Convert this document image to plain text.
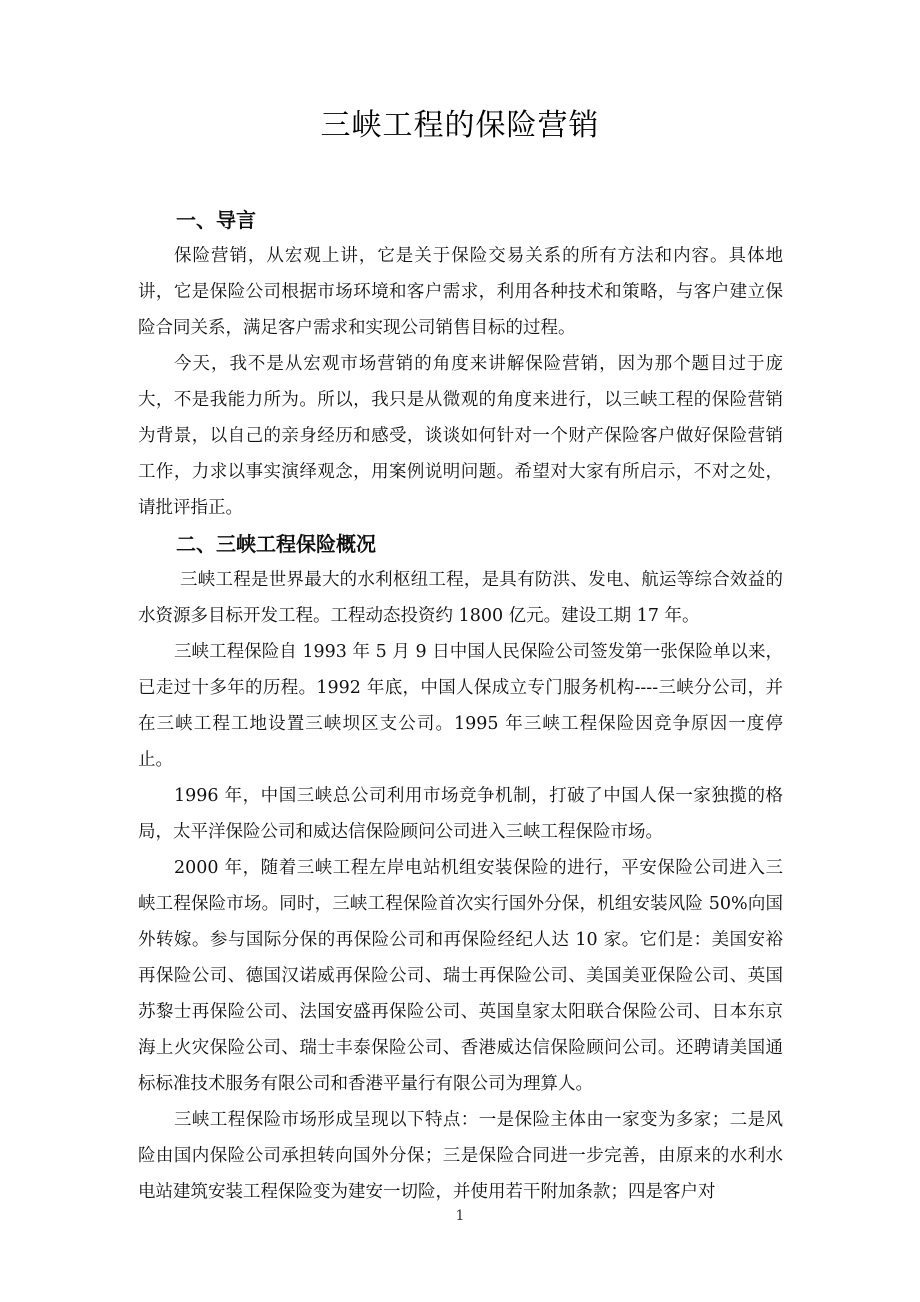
三峡工程的保险营销
一、导言

保险营销，从宏观上讲，它是关于保险交易关系的所有方法和内容。具体地讲，它是保险公司根据市场环境和客户需求，利用各种技术和策略，与客户建立保险合同关系，满足客户需求和实现公司销售目标的过程。

今天，我不是从宏观市场营销的角度来讲解保险营销，因为那个题目过于庞大，不是我能力所为。所以，我只是从微观的角度来进行，以三峡工程的保险营销为背景，以自己的亲身经历和感受，谈谈如何针对一个财产保险客户做好保险营销工作，力求以事实演绎观念，用案例说明问题。希望对大家有所启示，不对之处，请批评指正。

二、三峡工程保险概况

三峡工程是世界最大的水利枢纽工程，是具有防洪、发电、航运等综合效益的水资源多目标开发工程。工程动态投资约 1800 亿元。建设工期 17 年。

三峡工程保险自 1993 年 5 月 9 日中国人民保险公司签发第一张保险单以来，已走过十多年的历程。1992 年底，中国人保成立专门服务机构----三峡分公司，并在三峡工程工地设置三峡坝区支公司。1995 年三峡工程保险因竞争原因一度停止。

1996 年，中国三峡总公司利用市场竞争机制，打破了中国人保一家独揽的格局，太平洋保险公司和威达信保险顾问公司进入三峡工程保险市场。

2000 年，随着三峡工程左岸电站机组安装保险的进行，平安保险公司进入三峡工程保险市场。同时，三峡工程保险首次实行国外分保，机组安装风险 50%向国外转嫁。参与国际分保的再保险公司和再保险经纪人达 10 家。它们是：美国安裕再保险公司、德国汉诺威再保险公司、瑞士再保险公司、美国美亚保险公司、英国苏黎士再保险公司、法国安盛再保险公司、英国皇家太阳联合保险公司、日本东京海上火灾保险公司、瑞士丰泰保险公司、香港威达信保险顾问公司。还聘请美国通标标准技术服务有限公司和香港平量行有限公司为理算人。

三峡工程保险市场形成呈现以下特点：一是保险主体由一家变为多家；二是风险由国内保险公司承担转向国外分保；三是保险合同进一步完善，由原来的水利水电站建筑安装工程保险变为建安一切险，并使用若干附加条款；四是客户对

1
